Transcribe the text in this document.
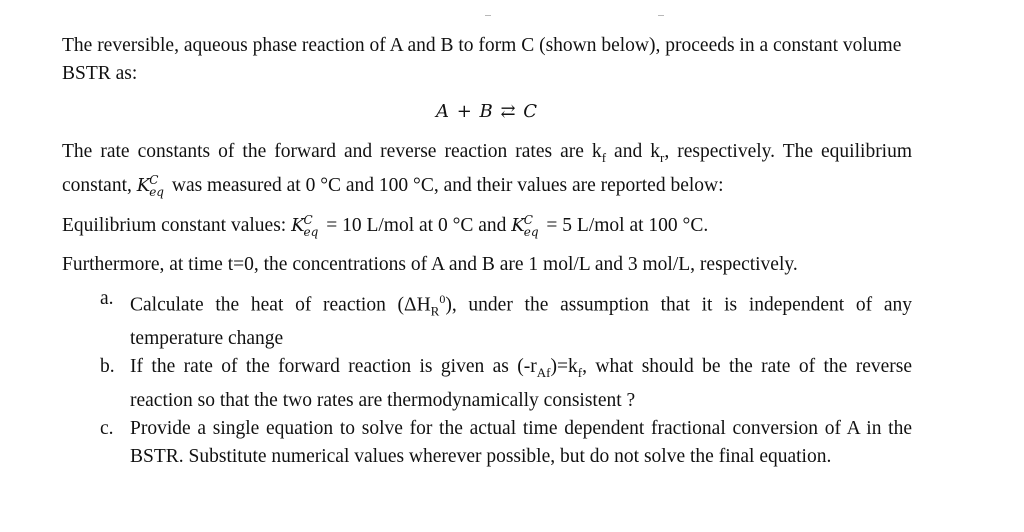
The reversible, aqueous phase reaction of A and B to form C (shown below), proceeds in a constant volume BSTR as:

A + B ⇄ C

The rate constants of the forward and reverse reaction rates are $k_f$ and $k_r$, respectively. The equilibrium constant, K C
eq was measured at 0 °C and 100 °C, and their values are reported below:

Equilibrium constant values: K C
eq = 10 L/mol at 0 °C and K C
eq = 5 L/mol at 100 °C.

Furthermore, at time t=0, the concentrations of A and B are 1 mol/L and 3 mol/L, respectively.

a. Calculate the heat of reaction $(\Delta H_R^0)$, under the assumption that it is independent of any temperature change
b. If the rate of the forward reaction is given as $(-r_{Af})=k_f$, what should be the rate of the reverse reaction so that the two rates are thermodynamically consistent ?
c. Provide a single equation to solve for the actual time dependent fractional conversion of A in the BSTR. Substitute numerical values wherever possible, but do not solve the final equation.
